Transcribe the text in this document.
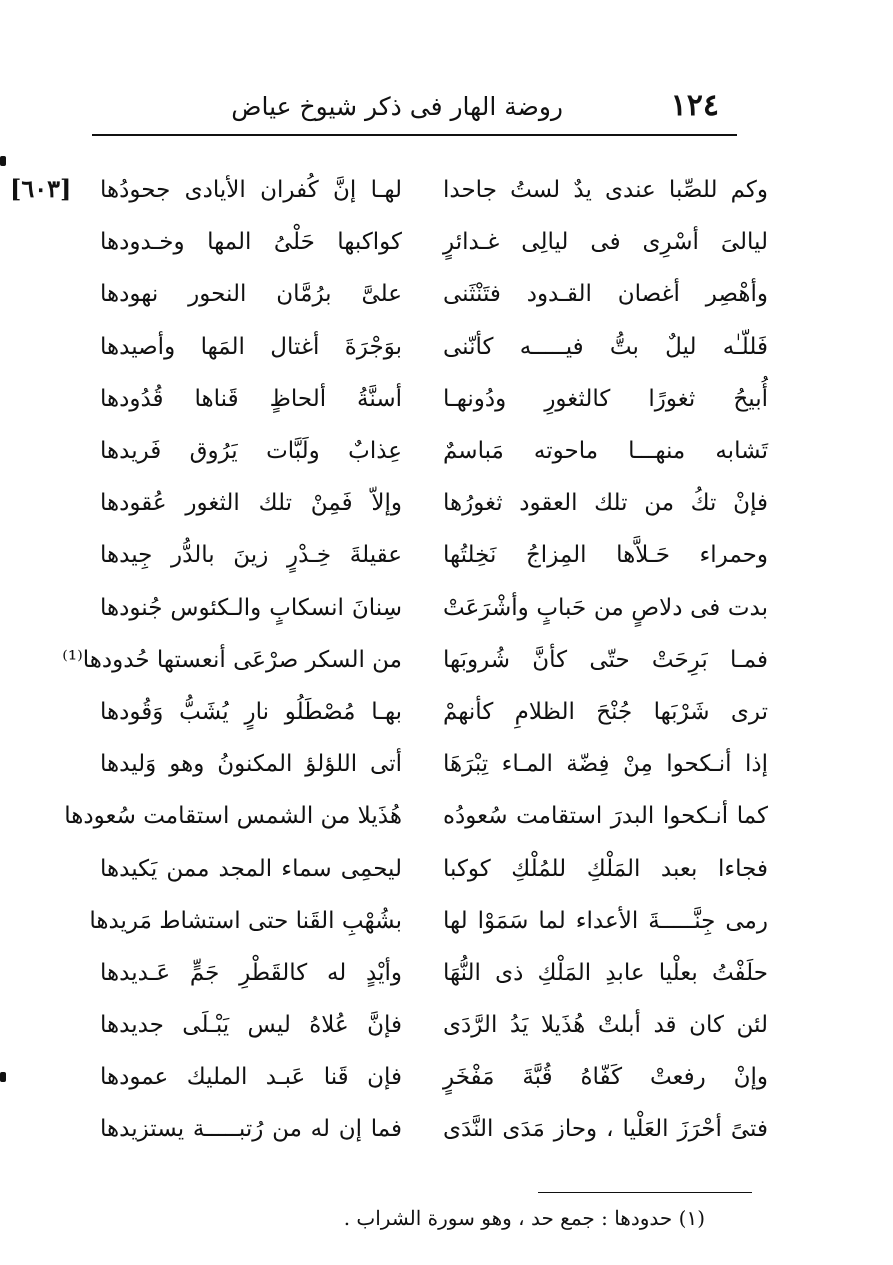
١٢٤
روضة الهار فى ذكر شيوخ عياض
[٦٠٣]	وكم للصِّبا عندى يدٌ لستُ جاحدا
لهـا إنَّ كُفران الأيادى جحودُها
ليالىَ أسْرِى فى ليالِى غـدائرٍ
كواكبها حَلْىُ المها وخـدودها
وأهْصِر أغصان القـدود فتَنْثَنى
علىَّ برُمَّان النحور نهودها
فَللّـٰه ليلٌ بتُّ فيـــــه كأنّنى
بوَجْرَةَ أغتال المَها وأصيدها
أُبيحُ ثغورًا كالثغورِ ودُونهـا
أسنَّةُ ألحاظٍ قَناها قُدُودها
تَشابه منهـــا ماحوته مَباسمٌ
عِذابٌ ولَبَّات يَرُوق فَريدها
فإنْ تكُ من تلك العقود ثغورُها
وإلاّ فَمِنْ تلك الثغور عُقودها
وحمراء حَـلاَّها المِزاجُ نَخِلتُها
عقيلةَ خِـدْرٍ زينَ بالدُّر جِيدها
بدت فى دلاصٍ من حَبابٍ وأشْرَعَتْ
سِنانَ انسكابٍ والـكئوس جُنودها
فمـا بَرِحَتْ حتّى كأنَّ شُروبَها
من السكر صرْعَى أنعستها حُدودها⁽¹⁾
ترى شَرْبَها جُنْحَ الظلامِ كأنهمْ
بهـا مُصْطَلُو نارٍ يُشَبُّ وَقُودها
إذا أنـكحوا مِنْ فِضّة المـاء تِبْرَهَا
أتى اللؤلؤ المكنونُ وهو وَليدها
كما أنـكحوا البدرَ استقامت سُعودُه
هُذَيلا من الشمس استقامت سُعودها
فجاءا بعبد المَلْكِ للمُلْكِ كوكبا
ليحمِى سماء المجد ممن يَكيدها
رمى جِنَّـــــةَ الأعداء لما سَمَوْا لها
بشُهْبِ القَنا حتى استشاط مَريدها
حلَفْتُ بعلْيا عابدِ المَلْكِ ذى النُّهَا
وأيْدٍ له كالقَطْرِ جَمٍّ عَـديدها
لئن كان قد أبلتْ هُذَيلا يَدُ الرَّدَى
فإنَّ عُلاهُ ليس يَبْـلَى جديدها
وإنْ رفعتْ كَفّاهُ قُبَّةَ مَفْخَرٍ
فإن قَنا عَبـد المليك عمودها
فتىً أحْرَزَ العَلْيا ، وحاز مَدَى النَّدَى
فما إن له من رُتبـــــة يستزيدها
(١) حدودها : جمع حد ، وهو سورة الشراب .
